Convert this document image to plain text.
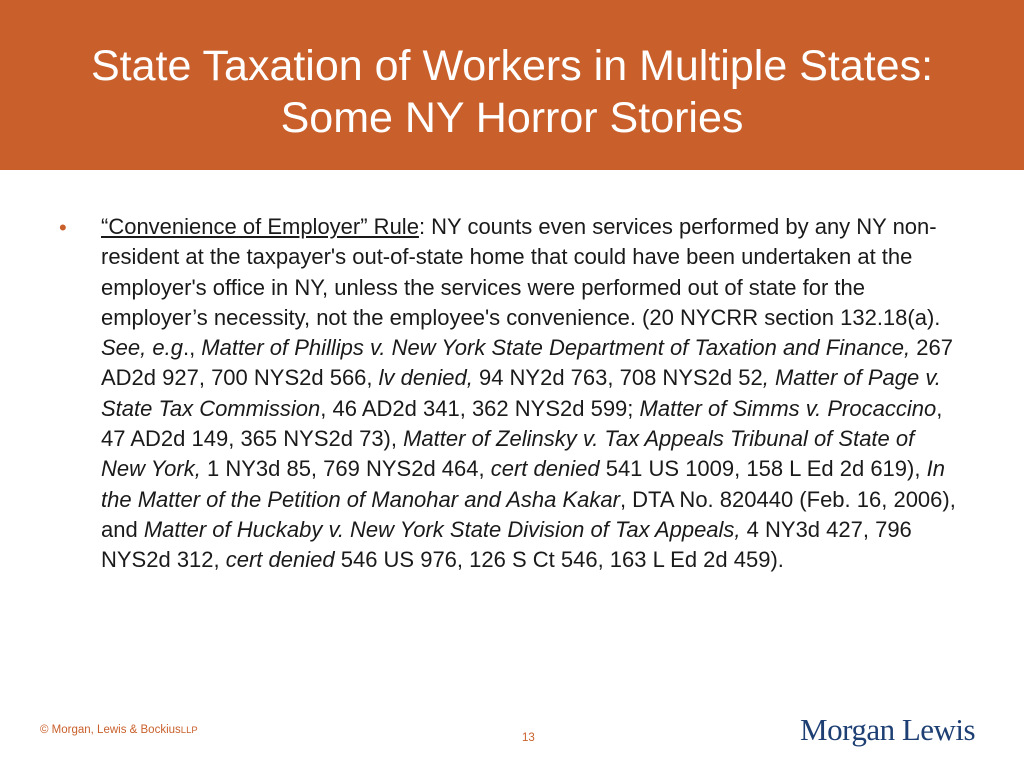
State Taxation of Workers in Multiple States:
Some NY Horror Stories
• “Convenience of Employer” Rule: NY counts even services performed by any NY non-resident at the taxpayer's out-of-state home that could have been undertaken at the employer's office in NY, unless the services were performed out of state for the employer’s necessity, not the employee's convenience. (20 NYCRR section 132.18(a). See, e.g., Matter of Phillips v. New York State Department of Taxation and Finance, 267 AD2d 927, 700 NYS2d 566, lv denied, 94 NY2d 763, 708 NYS2d 52, Matter of Page v. State Tax Commission, 46 AD2d 341, 362 NYS2d 599; Matter of Simms v. Procaccino, 47 AD2d 149, 365 NYS2d 73), Matter of Zelinsky v. Tax Appeals Tribunal of State of New York, 1 NY3d 85, 769 NYS2d 464, cert denied 541 US 1009, 158 L Ed 2d 619), In the Matter of the Petition of Manohar and Asha Kakar, DTA No. 820440 (Feb. 16, 2006), and Matter of Huckaby v. New York State Division of Tax Appeals, 4 NY3d 427, 796 NYS2d 312, cert denied 546 US 976, 126 S Ct 546, 163 L Ed 2d 459).
© Morgan, Lewis & BockiusLLP
13	Morgan Lewis
